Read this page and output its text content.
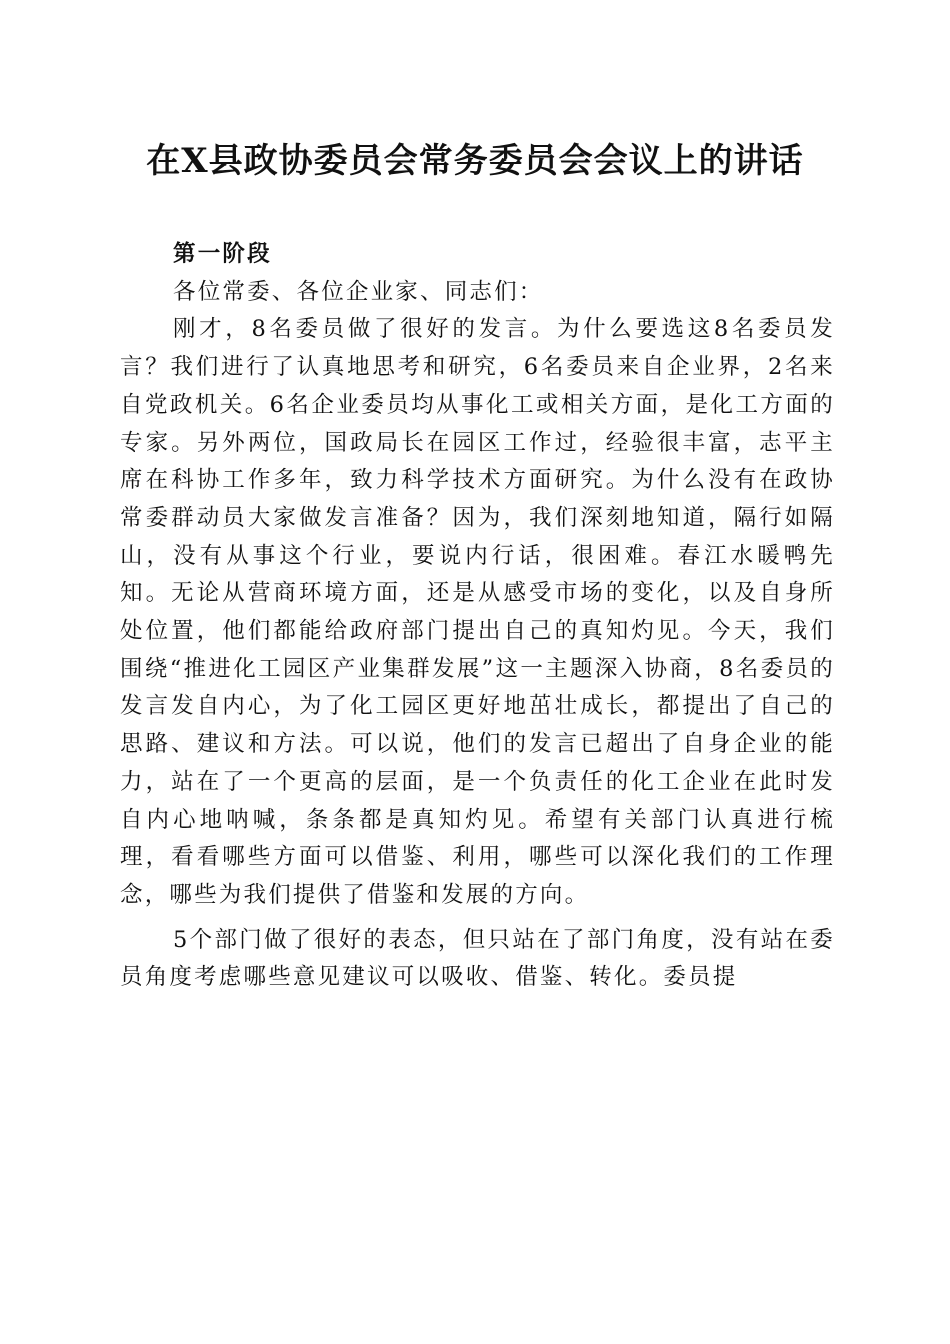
在X县政协委员会常务委员会会议上的讲话

第一阶段

各位常委、各位企业家、同志们：

刚才，8名委员做了很好的发言。为什么要选这8名委员发言？我们进行了认真地思考和研究，6名委员来自企业界，2名来自党政机关。6名企业委员均从事化工或相关方面，是化工方面的专家。另外两位，国政局长在园区工作过，经验很丰富，志平主席在科协工作多年，致力科学技术方面研究。为什么没有在政协常委群动员大家做发言准备？因为，我们深刻地知道，隔行如隔山，没有从事这个行业，要说内行话，很困难。春江水暖鸭先知。无论从营商环境方面，还是从感受市场的变化，以及自身所处位置，他们都能给政府部门提出自己的真知灼见。今天，我们围绕“推进化工园区产业集群发展”这一主题深入协商，8名委员的发言发自内心，为了化工园区更好地茁壮成长，都提出了自己的思路、建议和方法。可以说，他们的发言已超出了自身企业的能力，站在了一个更高的层面，是一个负责任的化工企业在此时发自内心地呐喊，条条都是真知灼见。希望有关部门认真进行梳理，看看哪些方面可以借鉴、利用，哪些可以深化我们的工作理念，哪些为我们提供了借鉴和发展的方向。

5个部门做了很好的表态，但只站在了部门角度，没有站在委员角度考虑哪些意见建议可以吸收、借鉴、转化。委员提
